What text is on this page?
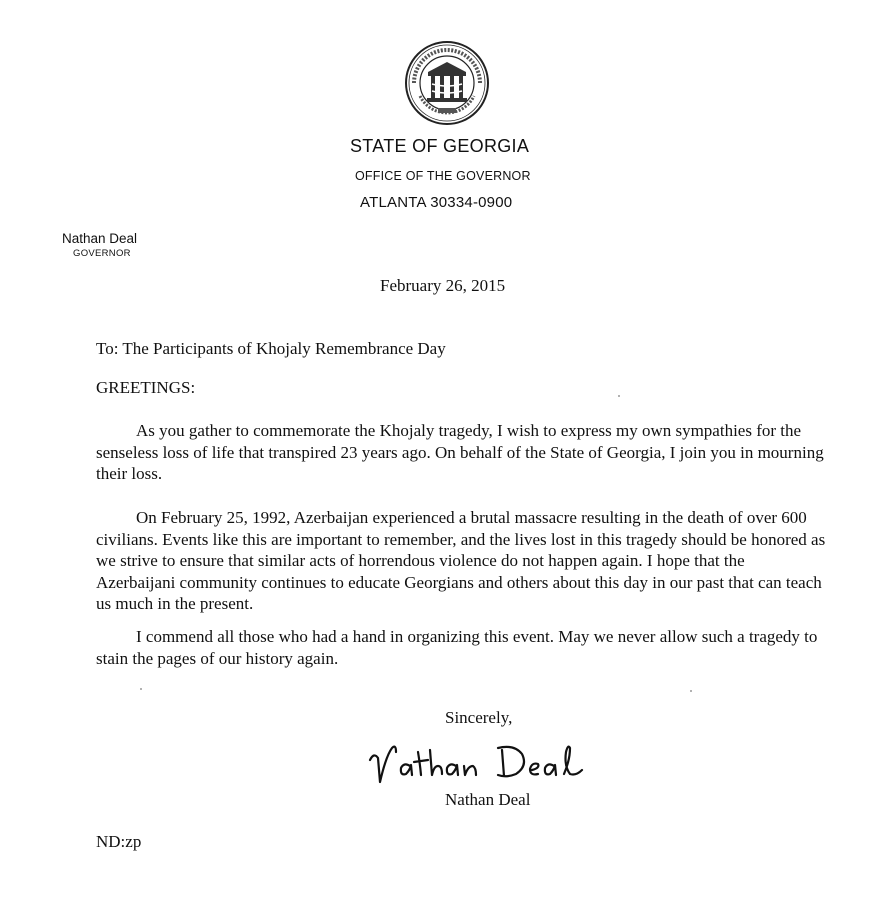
STATE OF GEORGIA
OFFICE OF THE GOVERNOR
ATLANTA 30334-0900
Nathan Deal
GOVERNOR
February 26, 2015
To: The Participants of Khojaly Remembrance Day
GREETINGS:

As you gather to commemorate the Khojaly tragedy, I wish to express my own sympathies for the senseless loss of life that transpired 23 years ago. On behalf of the State of Georgia, I join you in mourning their loss.

On February 25, 1992, Azerbaijan experienced a brutal massacre resulting in the death of over 600 civilians. Events like this are important to remember, and the lives lost in this tragedy should be honored as we strive to ensure that similar acts of horrendous violence do not happen again. I hope that the Azerbaijani community continues to educate Georgians and others about this day in our past that can teach us much in the present.

I commend all those who had a hand in organizing this event. May we never allow such a tragedy to stain the pages of our history again.

Sincerely,
Nathan Deal
ND:zp
